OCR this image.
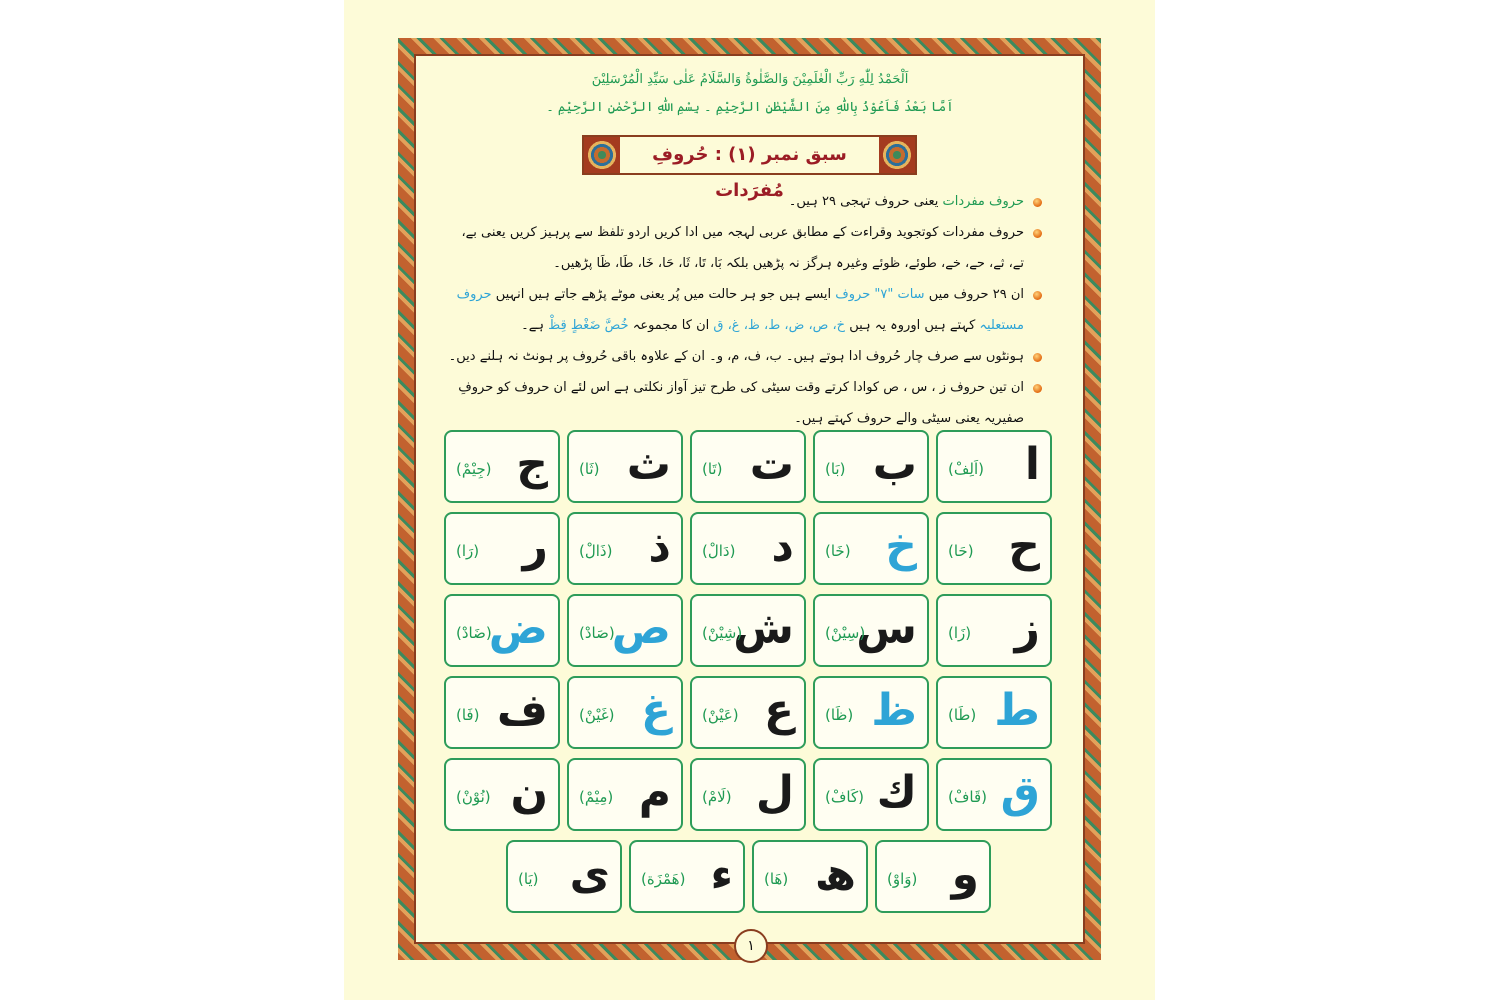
اَلْحَمْدُ لِلّٰهِ رَبِّ الْعٰلَمِيْنَ وَالصَّلٰوةُ وَالسَّلَامُ عَلٰى سَيِّدِ الْمُرْسَلِيْنَ
اَمَّا بَعْدُ فَاَعُوْذُ بِاللّٰهِ مِنَ الشَّيْطٰنِ الرَّجِيْمِ ۔ بِسْمِ اللّٰهِ الرَّحْمٰنِ الرَّحِيْمِ ۔
سبق نمبر (۱) : حُروفِ مُفرَدات
حروف مفردات یعنی حروف تہجی ۲۹ ہیں۔
حروف مفردات کوتجوید وقراءت کے مطابق عربی لہجہ میں ادا کریں اردو تلفظ سے پرہیز کریں یعنی بے، تے، ثے، حے، خے، طوئے، ظوئے وغیرہ ہرگز نہ پڑھیں بلکہ بَا، تَا، ثَا، حَا، خَا، طَا، ظَا پڑھیں۔
ان ۲۹ حروف میں سات "۷" حروف ایسے ہیں جو ہر حالت میں پُر یعنی موٹے پڑھے جاتے ہیں انہیں حروف مستعلیہ کہتے ہیں اوروہ یہ ہیں خ، ص، ض، ط، ظ، غ، ق ان کا مجموعہ خُصَّ ضَغْطٍ قِظْ ہے۔
ہونٹوں سے صرف چار حُروف ادا ہوتے ہیں۔ ب، ف، م، و۔ ان کے علاوہ باقی حُروف پر ہونٹ نہ ہلنے دیں۔
ان تین حروف ز ، س ، ص کوادا کرتے وقت سیٹی کی طرح تیز آواز نکلتی ہے اس لئے ان حروف کو حروفِ صفیریہ یعنی سیٹی والے حروف کہتے ہیں۔
ا
(اَلِفْ)
ب
(بَا)
ت
(تَا)
ث
(ثَا)
ج
(جِيْمْ)
ح
(حَا)
خ
(خَا)
د
(دَالْ)
ذ
(ذَالْ)
ر
(رَا)
ز
(زَا)
س
(سِيْنْ)
ش
(شِيْنْ)
ص
(صَادْ)
ض
(ضَادْ)
ط
(طَا)
ظ
(ظَا)
ع
(عَيْنْ)
غ
(غَيْنْ)
ف
(فَا)
ق
(قَافْ)
ك
(كَافْ)
ل
(لَامْ)
م
(مِيْمْ)
ن
(نُوْنْ)
و
(وَاوْ)
ھ
(هَا)
ء
(هَمْزَة)
ى
(يَا)
۱
